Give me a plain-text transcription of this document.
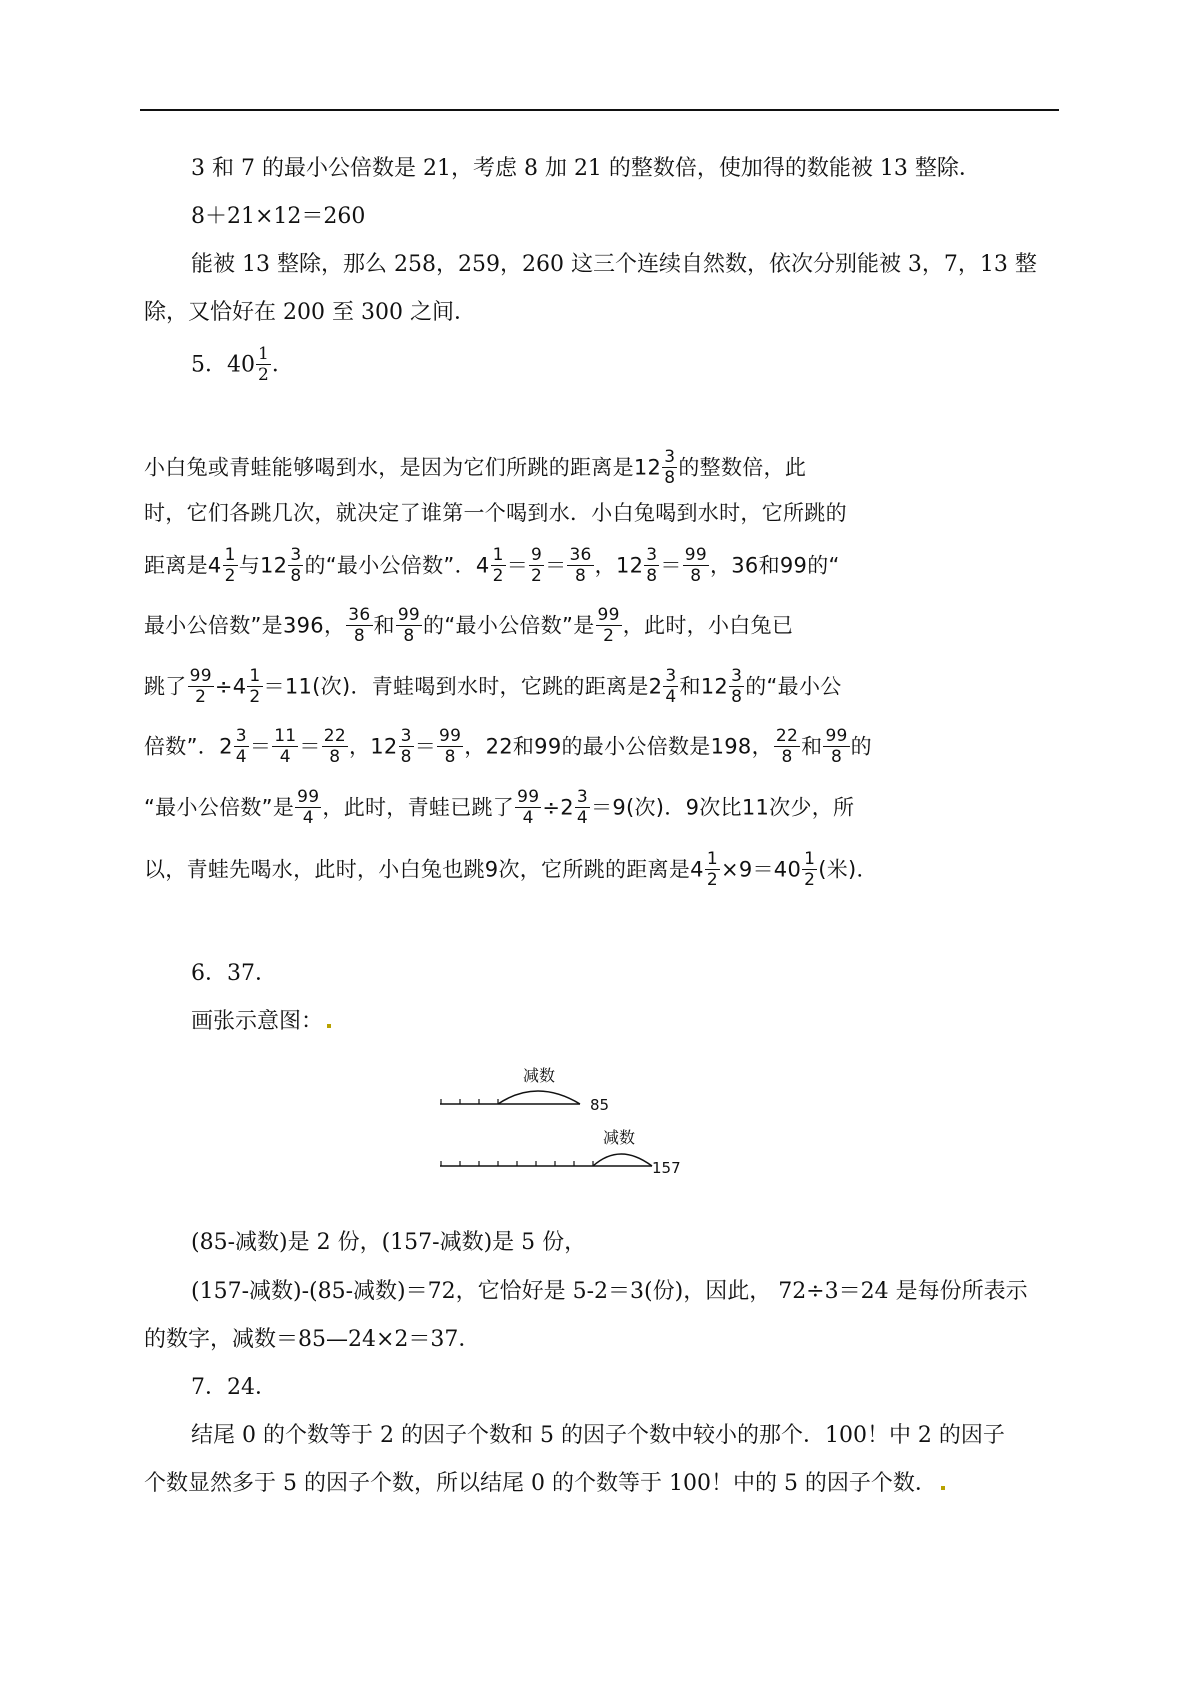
3 和 7 的最小公倍数是 21，考虑 8 加 21 的整数倍，使加得的数能被 13 整除．
8＋21×12＝260
能被 13 整除，那么 258，259，260 这三个连续自然数，依次分别能被 3，7，13 整
除，又恰好在 200 至 300 之间．
5．$40 \frac{1}{2}$ ．
小白兔或青蛙能够喝到水，是因为它们所跳的距离是$12 \frac{3}{8}$ 的整数倍，此
时，它们各跳几次，就决定了谁第一个喝到水．小白兔喝到水时，它所跳的
距离是$4 \frac{1}{2}$ 与$12 \frac{3}{8}$ 的“最小公倍数”．$4 \frac{1}{2} = \frac{9}{2} = \frac{36}{8}$ ，$12 \frac{3}{8} = \frac{99}{8}$ ，36和99的“
最小公倍数”是396， $\frac{36}{8}$ 和 $\frac{99}{8}$ 的“最小公倍数”是 $\frac{99}{2}$ ，此时，小白兔已
跳了 $\frac{99}{2} \div 4 \frac{1}{2} =11$(次)．青蛙喝到水时，它跳的距离是$2 \frac{3}{4}$ 和$12 \frac{3}{8}$ 的“最小公
倍数”．$2 \frac{3}{4} = \frac{11}{4} = \frac{22}{8}$ ，$12 \frac{3}{8} = \frac{99}{8}$ ，22和99的最小公倍数是198， $\frac{22}{8}$ 和 $\frac{99}{8}$ 的
“最小公倍数”是 $\frac{99}{4}$ ，此时，青蛙已跳了 $\frac{99}{4} \div 2 \frac{3}{4} =9$(次)．9次比11次少，所
以，青蛙先喝水，此时，小白兔也跳9次，它所跳的距离是$4 \frac{1}{2} \times 9=40 \frac{1}{2}$ (米)．
6．37．
画张示意图：
减数
85
减数
157
(85-减数)是 2 份，(157-减数)是 5 份，
(157-减数)-(85-减数)＝72，它恰好是 5-2＝3(份)，因此， 72÷3＝24 是每份所表示
的数字，减数＝85—24×2＝37．
7．24．
结尾 0 的个数等于 2 的因子个数和 5 的因子个数中较小的那个．100！中 2 的因子
个数显然多于 5 的因子个数，所以结尾 0 的个数等于 100！中的 5 的因子个数．
